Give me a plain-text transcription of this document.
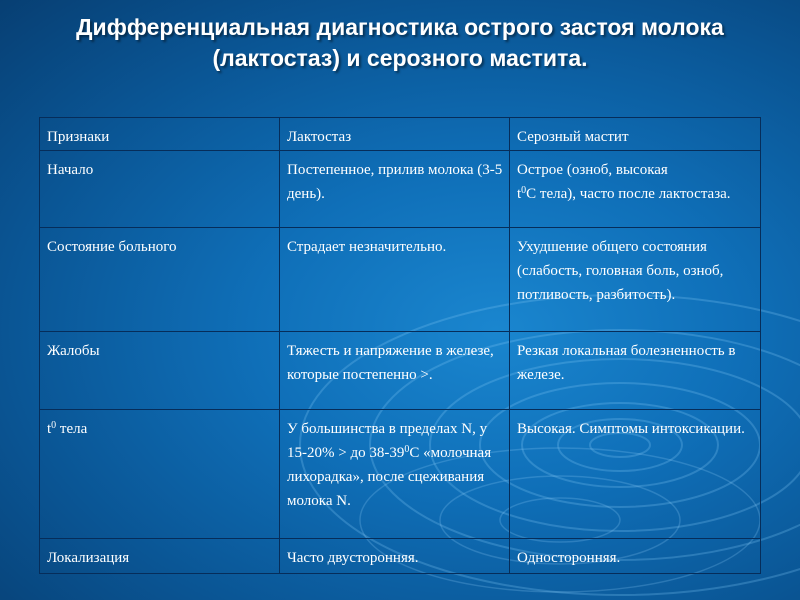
Дифференциальная диагностика острого застоя молока
(лактостаз) и серозного мастита.
Признаки	Лактостаз	Серозный мастит
Начало	Постепенное, прилив молока (3-5 день).	Острое (озноб, высокая
$t^0С$ тела), часто после лактостаза.
Состояние больного	Страдает незначительно.	Ухудшение общего состояния (слабость, головная боль, озноб, потливость, разбитость).
Жалобы	Тяжесть и напряжение в железе, которые постепенно >.	Резкая локальная болезненность в железе.
$t^0$ тела	У большинства в пределах N, у 15-20% > до $38-39^0С$ «молочная лихорадка», после сцеживания молока N.	Высокая. Симптомы интоксикации.
Локализация	Часто двусторонняя.	Односторонняя.
